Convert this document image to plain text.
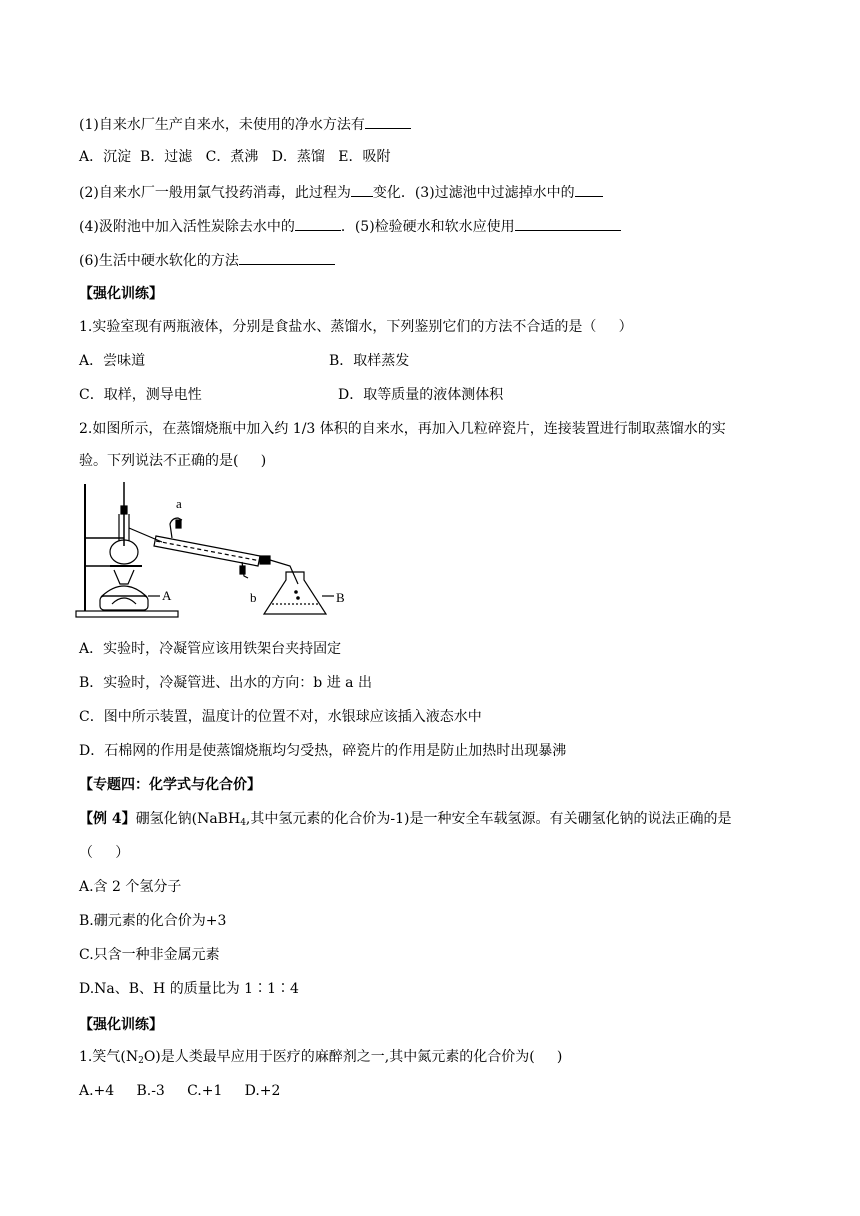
(1)自来水厂生产自来水，未使用的净水方法有
A．沉淀  B．过滤   C．煮沸   D．蒸馏   E．吸附
(2)自来水厂一般用氯气投药消毒，此过程为 变化．(3)过滤池中过滤掉水中的
(4)汲附池中加入活性炭除去水中的	．(5)检验硬水和软水应使用
(6)生活中硬水软化的方法
【强化训练】
1.实验室现有两瓶液体，分别是食盐水、蒸馏水，下列鉴别它们的方法不合适的是（     ）
A．尝味道	B．取样蒸发
C．取样，测导电性	D．取等质量的液体测体积
2.如图所示，在蒸馏烧瓶中加入约 1/3 体积的自来水，再加入几粒碎瓷片，连接装置进行制取蒸馏水的实
验。下列说法不正确的是(     )
a
b
A	B
A．实验时，冷凝管应该用铁架台夹持固定
B．实验时，冷凝管进、出水的方向：b 进 a 出
C．图中所示装置，温度计的位置不对，水银球应该插入液态水中
D．石棉网的作用是使蒸馏烧瓶均匀受热，碎瓷片的作用是防止加热时出现暴沸
【专题四：化学式与化合价】
【例 4】硼氢化钠(NaBH$_4$,其中氢元素的化合价为-1)是一种安全车载氢源。有关硼氢化钠的说法正确的是
（     ）
A.含 2 个氢分子
B.硼元素的化合价为+3
C.只含一种非金属元素
D.Na、B、H 的质量比为 1∶1∶4
【强化训练】
1.笑气$(N_2O)$是人类最早应用于医疗的麻醉剂之一,其中氮元素的化合价为(     )
A.+4     B.-3     C.+1     D.+2
